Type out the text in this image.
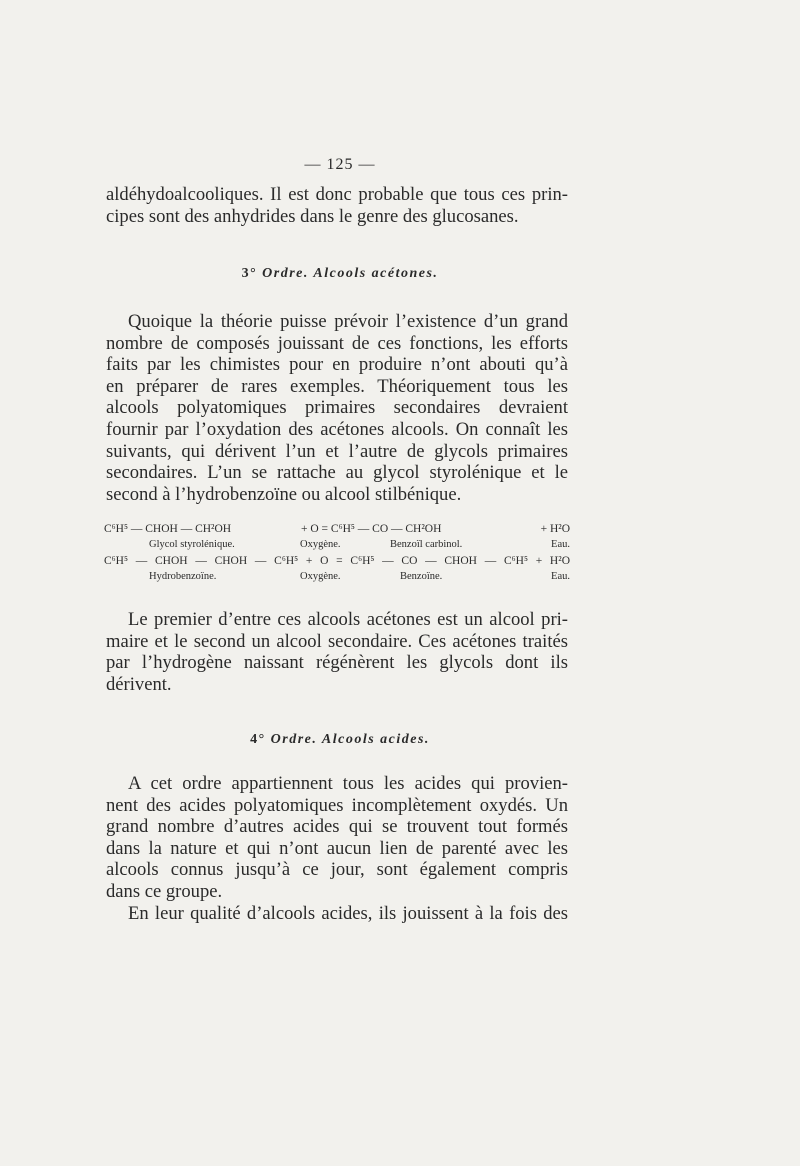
— 125 —
aldéhydoalcooliques. Il est donc probable que tous ces prin-
cipes sont des anhydrides dans le genre des glucosanes.
3° Ordre. Alcools acétones.
Quoique la théorie puisse prévoir l’existence d’un grand
nombre de composés jouissant de ces fonctions, les efforts
faits par les chimistes pour en produire n’ont abouti qu’à
en préparer de rares exemples. Théoriquement tous les
alcools polyatomiques primaires secondaires devraient
fournir par l’oxydation des acétones alcools. On connaît les
suivants, qui dérivent l’un et l’autre de glycols primaires
secondaires. L’un se rattache au glycol styrolénique et le
second à l’hydrobenzoïne ou alcool stilbénique.
C⁶H⁵ — CHOH — CH²OH	+ O = C⁶H⁵ — CO — CH²OH	+ H²O
Glycol styrolénique.	Oxygène.	Benzoïl carbinol.	Eau.
C⁶H⁵ — CHOH — CHOH — C⁶H⁵ + O = C⁶H⁵ — CO — CHOH — C⁶H⁵ + H²O
Hydrobenzoïne.	Oxygène.	Benzoïne.	Eau.
Le premier d’entre ces alcools acétones est un alcool pri-
maire et le second un alcool secondaire. Ces acétones traités
par l’hydrogène naissant régénèrent les glycols dont ils
dérivent.
4° Ordre. Alcools acides.
A cet ordre appartiennent tous les acides qui provien-
nent des acides polyatomiques incomplètement oxydés. Un
grand nombre d’autres acides qui se trouvent tout formés
dans la nature et qui n’ont aucun lien de parenté avec les
alcools connus jusqu’à ce jour, sont également compris
dans ce groupe.
En leur qualité d’alcools acides, ils jouissent à la fois des
